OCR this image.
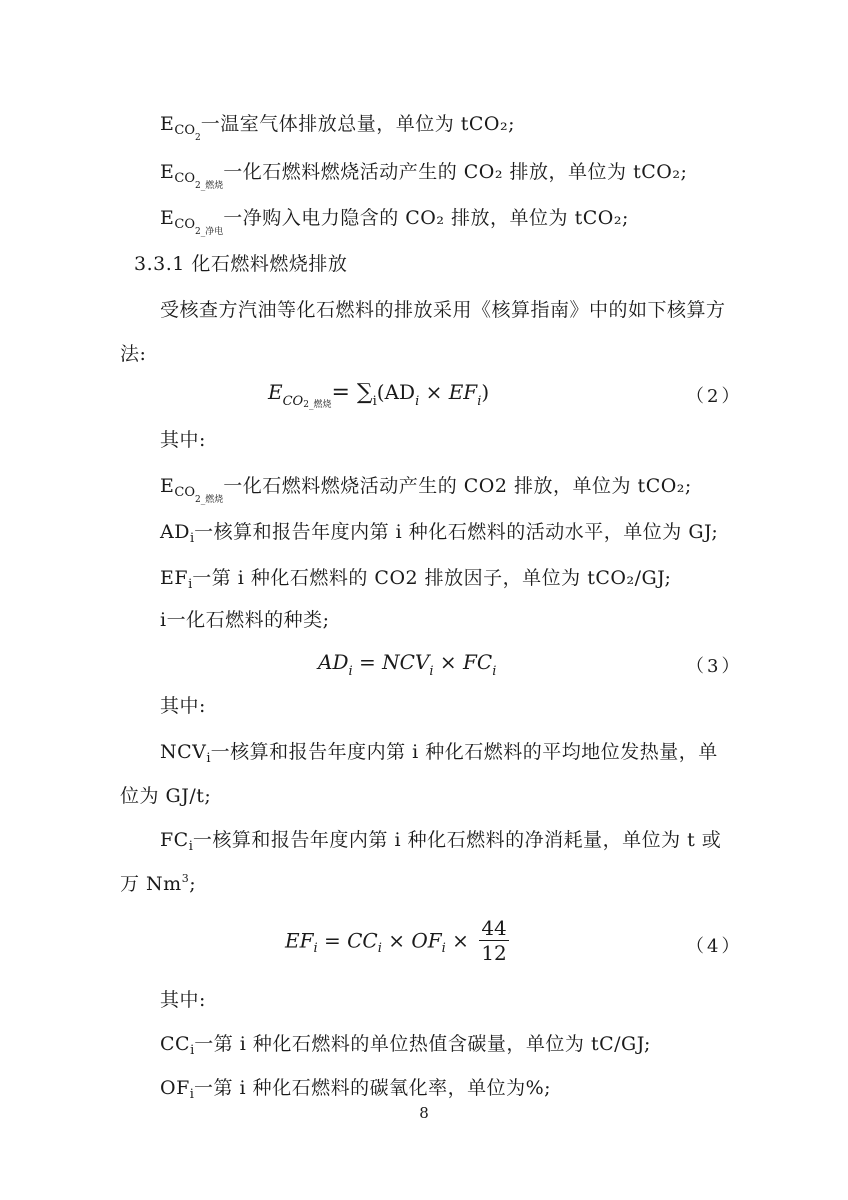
$E_{CO_2}$一温室气体排放总量，单位为 tCO₂;
$E_{CO_{2\_燃烧}}$一化石燃料燃烧活动产生的 CO₂ 排放，单位为 tCO₂;
$E_{CO_{2\_净电}}$一净购入电力隐含的 CO₂ 排放，单位为 tCO₂;
3.3.1 化石燃料燃烧排放
受核查方汽油等化石燃料的排放采用《核算指南》中的如下核算方
法:
$E_{CO2\_燃烧}= \sum_i(AD_i \times EF_i)$	（2）
其中:
$E_{CO_{2\_燃烧}}$一化石燃料燃烧活动产生的 CO2 排放，单位为 tCO₂;
$AD_i$一核算和报告年度内第 i 种化石燃料的活动水平，单位为 GJ;
$EF_i$一第 i 种化石燃料的 CO2 排放因子，单位为 tCO₂/GJ;
i一化石燃料的种类;
$AD_i = NCV_i \times FC_i$	（3）
其中:
$NCV_i$一核算和报告年度内第 i 种化石燃料的平均地位发热量，单
位为 GJ/t;
$FC_i$一核算和报告年度内第 i 种化石燃料的净消耗量，单位为 t 或
万 Nm$^3$;
$EF_i = CC_i \times OF_i \times \frac{44}{12}$	（4）
其中:
$CC_i$一第 i 种化石燃料的单位热值含碳量，单位为 tC/GJ;
$OF_i$一第 i 种化石燃料的碳氧化率，单位为%;
8
